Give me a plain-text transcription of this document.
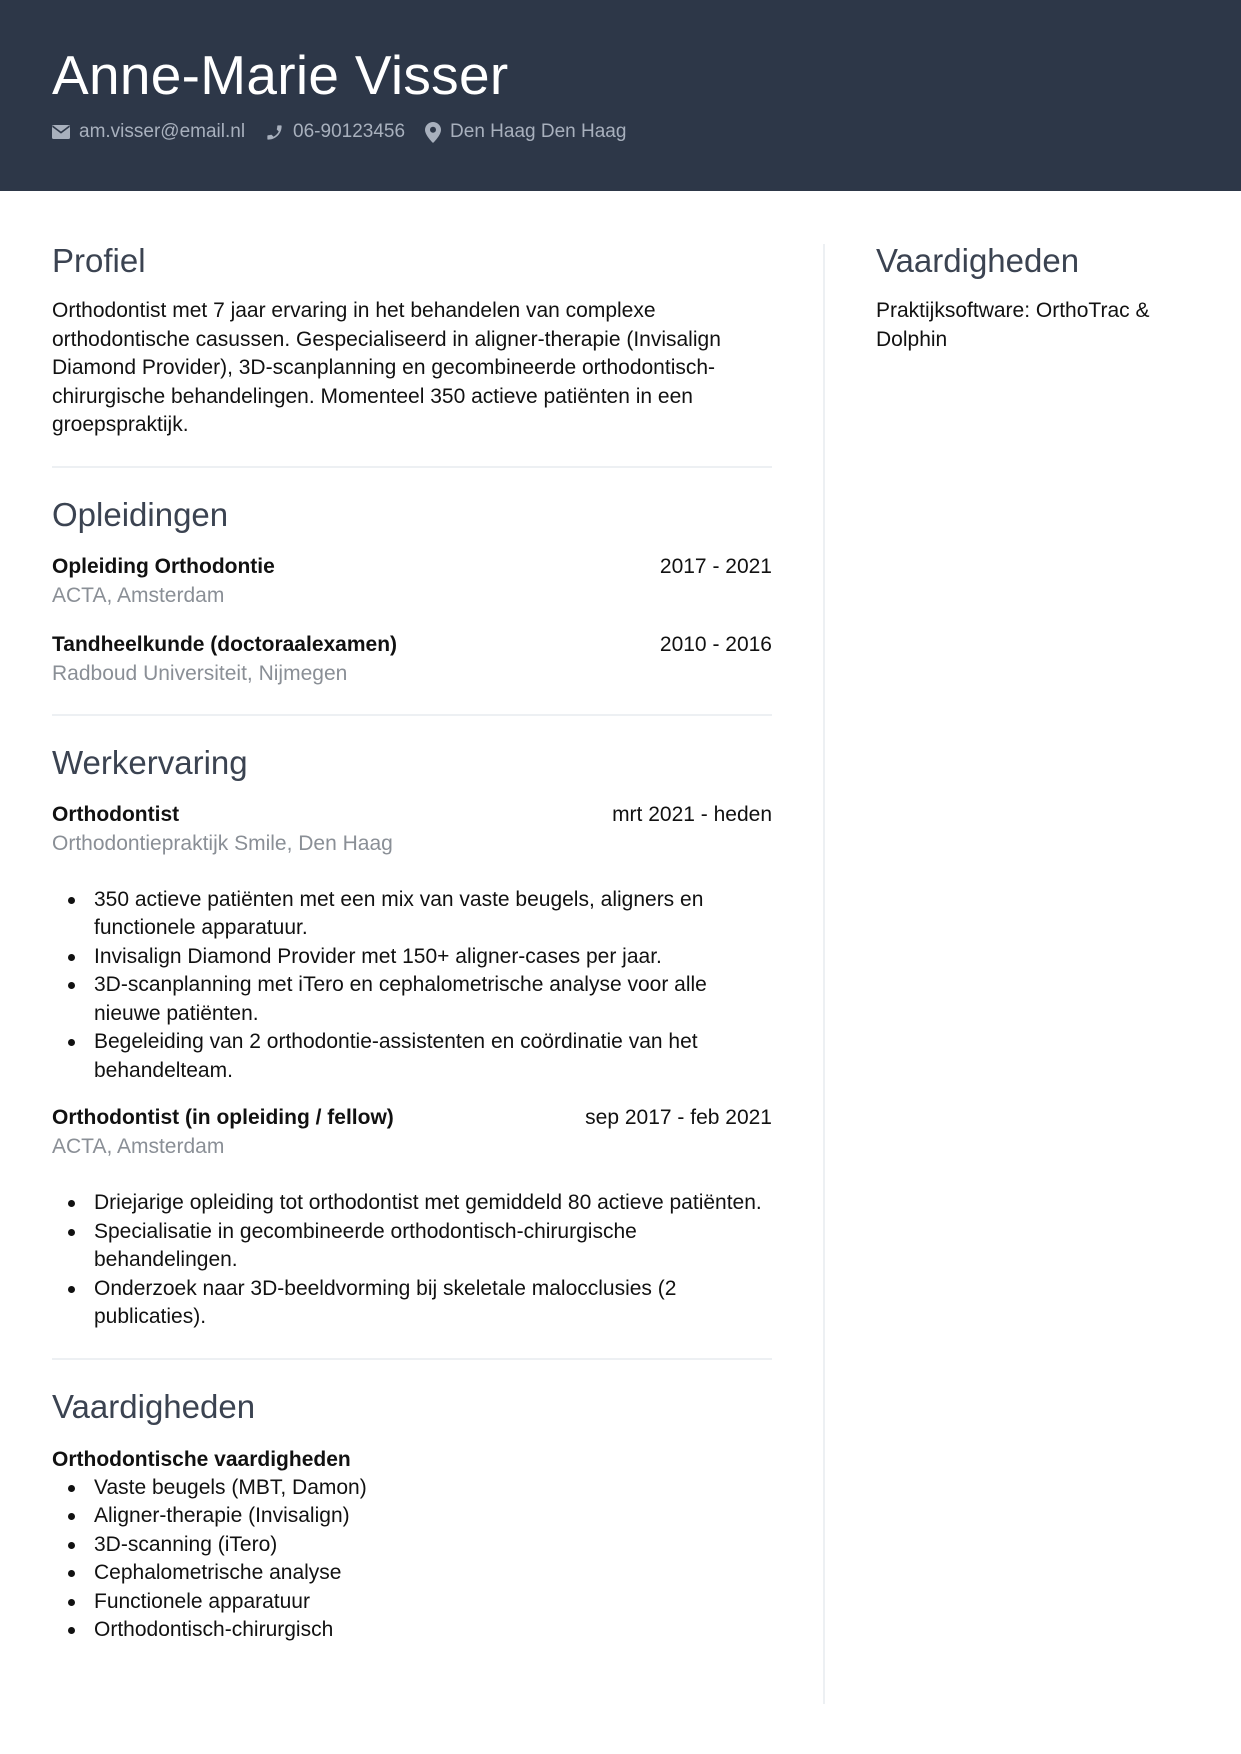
Anne-Marie Visser
am.visser@email.nl	06-90123456 Den Haag Den Haag
Profiel

Orthodontist met 7 jaar ervaring in het behandelen van complexe orthodontische casussen. Gespecialiseerd in aligner-therapie (Invisalign Diamond Provider), 3D-scanplanning en gecombineerde orthodontisch-chirurgische behandelingen. Momenteel 350 actieve patiënten in een groepspraktijk.

Opleidingen
Opleiding Orthodontie	2017 - 2021
ACTA, Amsterdam
Tandheelkunde (doctoraalexamen)	2010 - 2016
Radboud Universiteit, Nijmegen
Werkervaring
Orthodontist	mrt 2021 - heden
Orthodontiepraktijk Smile, Den Haag
350 actieve patiënten met een mix van vaste beugels, aligners en functionele apparatuur.
Invisalign Diamond Provider met 150+ aligner-cases per jaar.
3D-scanplanning met iTero en cephalometrische analyse voor alle nieuwe patiënten.
Begeleiding van 2 orthodontie-assistenten en coördinatie van het behandelteam.
Orthodontist (in opleiding / fellow)	sep 2017 - feb 2021
ACTA, Amsterdam
Driejarige opleiding tot orthodontist met gemiddeld 80 actieve patiënten.
Specialisatie in gecombineerde orthodontisch-chirurgische behandelingen.
Onderzoek naar 3D-beeldvorming bij skeletale malocclusies (2 publicaties).
Vaardigheden
Orthodontische vaardigheden
Vaste beugels (MBT, Damon)
Aligner-therapie (Invisalign)
3D-scanning (iTero)
Cephalometrische analyse
Functionele apparatuur
Orthodontisch-chirurgisch
Vaardigheden

Praktijksoftware: OrthoTrac & Dolphin
